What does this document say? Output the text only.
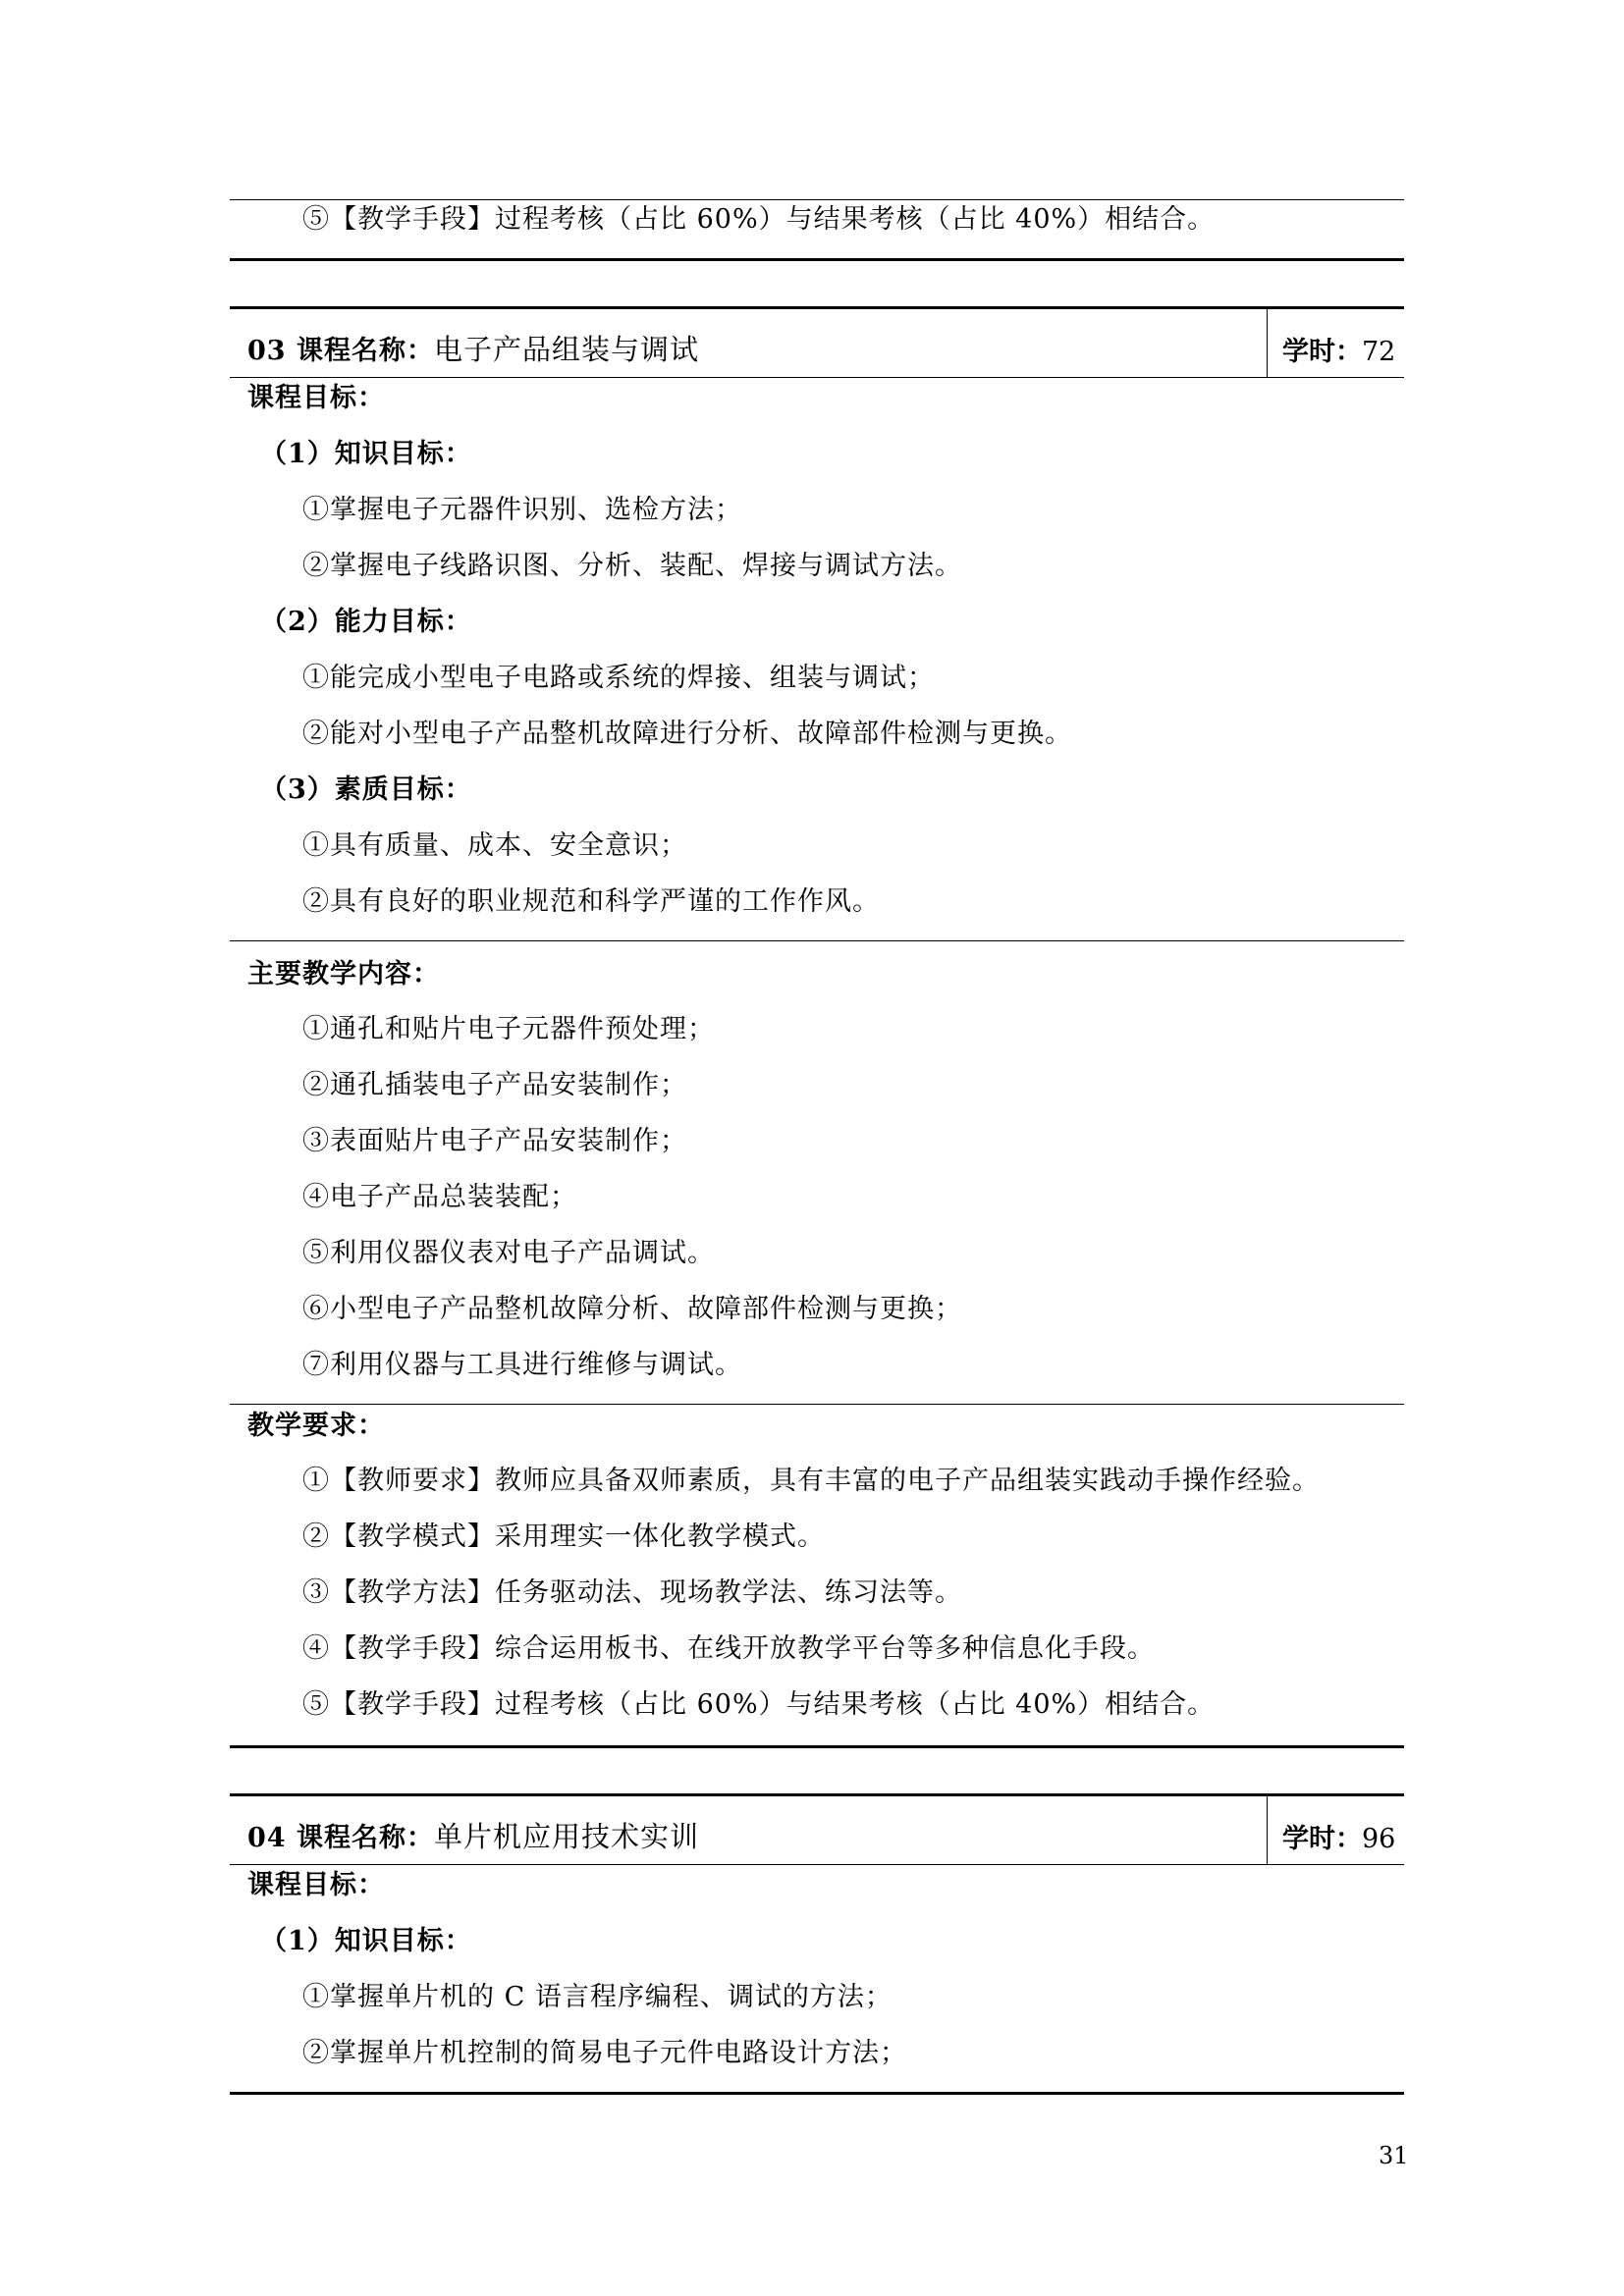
⑤【教学手段】过程考核（占比 60%）与结果考核（占比 40%）相结合。
03 课程名称：电子产品组装与调试	学时：72
课程目标：
（1）知识目标：
①掌握电子元器件识别、选检方法；
②掌握电子线路识图、分析、装配、焊接与调试方法。
（2）能力目标：
①能完成小型电子电路或系统的焊接、组装与调试；
②能对小型电子产品整机故障进行分析、故障部件检测与更换。
（3）素质目标：
①具有质量、成本、安全意识；
②具有良好的职业规范和科学严谨的工作作风。
主要教学内容：
①通孔和贴片电子元器件预处理；
②通孔插装电子产品安装制作；
③表面贴片电子产品安装制作；
④电子产品总装装配；
⑤利用仪器仪表对电子产品调试。
⑥小型电子产品整机故障分析、故障部件检测与更换；
⑦利用仪器与工具进行维修与调试。
教学要求：
①【教师要求】教师应具备双师素质，具有丰富的电子产品组装实践动手操作经验。
②【教学模式】采用理实一体化教学模式。
③【教学方法】任务驱动法、现场教学法、练习法等。
④【教学手段】综合运用板书、在线开放教学平台等多种信息化手段。
⑤【教学手段】过程考核（占比 60%）与结果考核（占比 40%）相结合。
04 课程名称：单片机应用技术实训	学时：96
课程目标：
（1）知识目标：
①掌握单片机的 C 语言程序编程、调试的方法；
②掌握单片机控制的简易电子元件电路设计方法；
31
